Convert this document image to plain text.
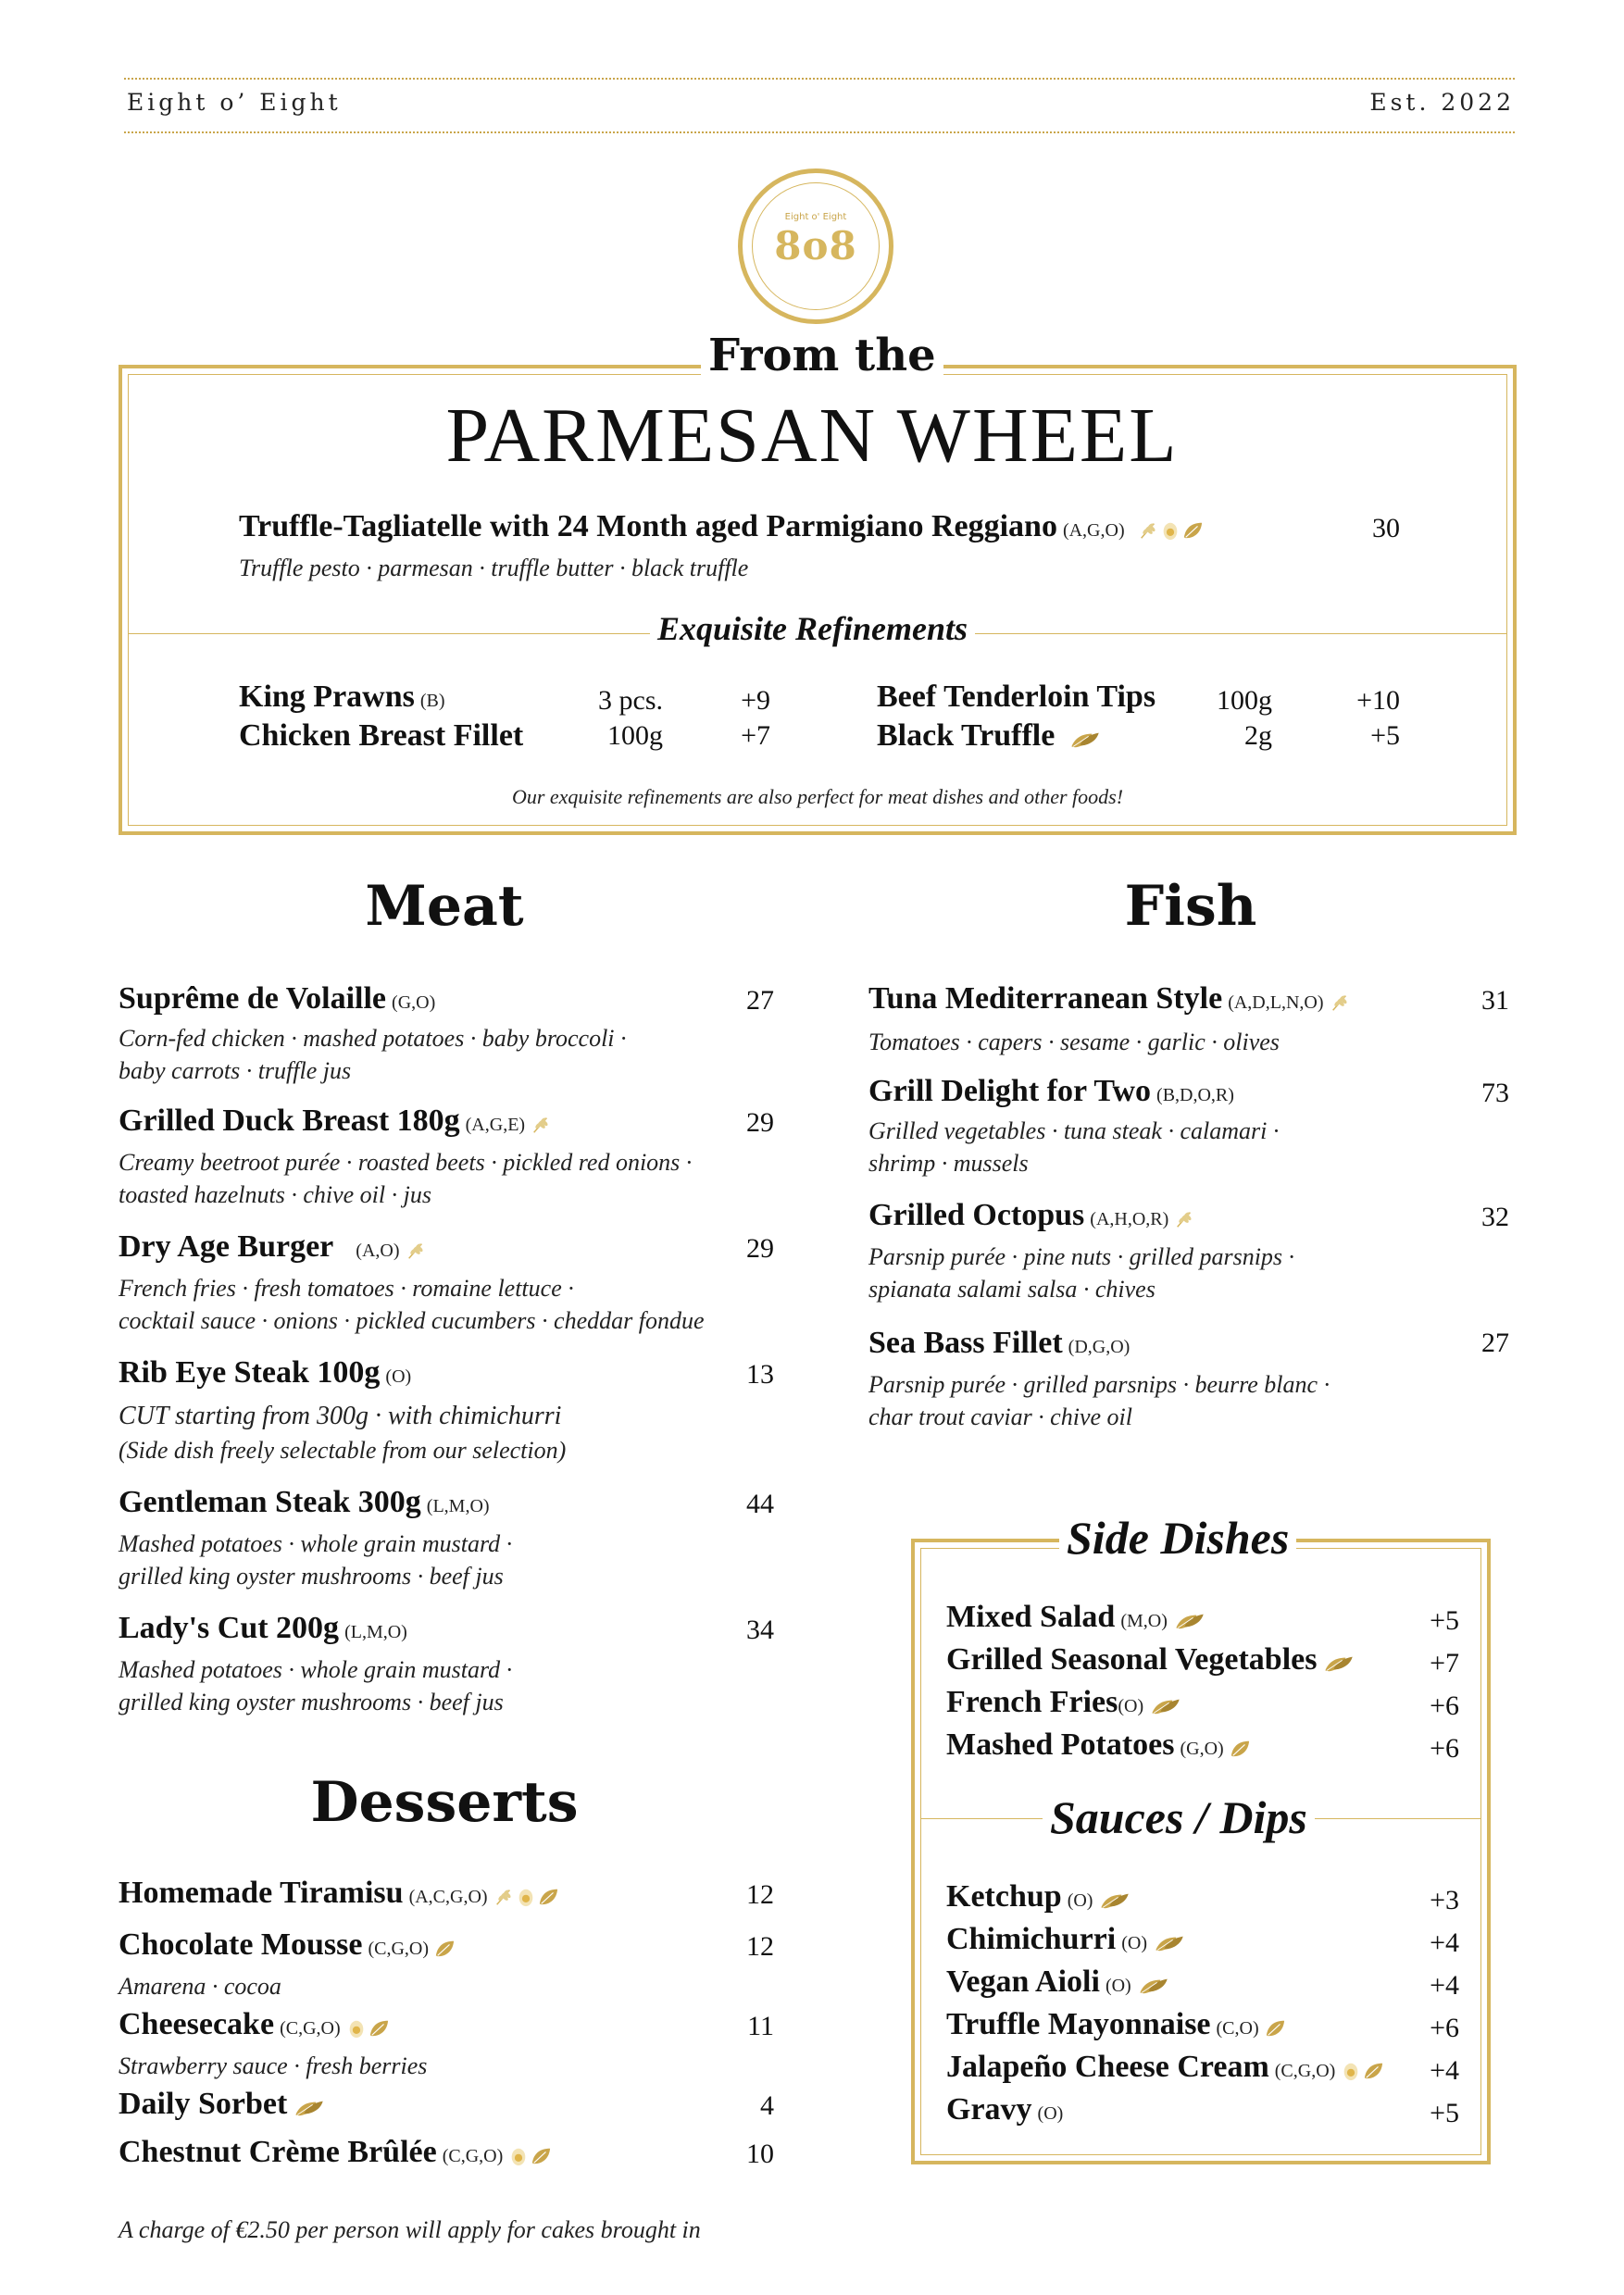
Eight o’ Eight	Est. 2022
Eight o' Eight
8o8
From the
PARMESAN WHEEL
Truffle-Tagliatelle with 24 Month aged Parmigiano Reggiano (A,G,O)	30
Truffle pesto · parmesan · truffle butter · black truffle
Exquisite Refinements
King Prawns (B)	3 pcs.	+9
Chicken Breast Fillet	100g	+7
Beef Tenderloin Tips	100g	+10
Black Truffle	2g	+5
Our exquisite refinements are also perfect for meat dishes and other foods!
Meat
Suprême de Volaille (G,O)	27
Corn-fed chicken · mashed potatoes · baby broccoli ·
baby carrots · truffle jus
Grilled Duck Breast 180g (A,G,E)	29
Creamy beetroot purée · roasted beets · pickled red onions ·
toasted hazelnuts · chive oil · jus
Dry Age Burger (A,O)	29
French fries · fresh tomatoes · romaine lettuce ·
cocktail sauce · onions · pickled cucumbers · cheddar fondue
Rib Eye Steak 100g (O)	13
CUT starting from 300g · with chimichurri
(Side dish freely selectable from our selection)
Gentleman Steak 300g (L,M,O)	44
Mashed potatoes · whole grain mustard ·
grilled king oyster mushrooms · beef jus
Lady's Cut 200g (L,M,O)	34
Mashed potatoes · whole grain mustard ·
grilled king oyster mushrooms · beef jus
Desserts
Homemade Tiramisu (A,C,G,O)	12
Chocolate Mousse (C,G,O)	12
Amarena · cocoa
Cheesecake (C,G,O)	11
Strawberry sauce · fresh berries
Daily Sorbet	4
Chestnut Crème Brûlée (C,G,O)	10
A charge of €2.50 per person will apply for cakes brought in
Fish
Tuna Mediterranean Style (A,D,L,N,O)	31
Tomatoes · capers · sesame · garlic · olives
Grill Delight for Two (B,D,O,R)	73
Grilled vegetables · tuna steak · calamari ·
shrimp · mussels
Grilled Octopus (A,H,O,R)	32
Parsnip purée · pine nuts · grilled parsnips ·
spianata salami salsa · chives
Sea Bass Fillet (D,G,O)	27
Parsnip purée · grilled parsnips · beurre blanc ·
char trout caviar · chive oil
Side Dishes
Mixed Salad (M,O)	+5
Grilled Seasonal Vegetables	+7
French Fries(O)	+6
Mashed Potatoes (G,O)	+6
Sauces / Dips
Ketchup (O)	+3
Chimichurri (O)	+4
Vegan Aioli (O)	+4
Truffle Mayonnaise (C,O)	+6
Jalapeño Cheese Cream (C,G,O)	+4
Gravy (O)	+5
